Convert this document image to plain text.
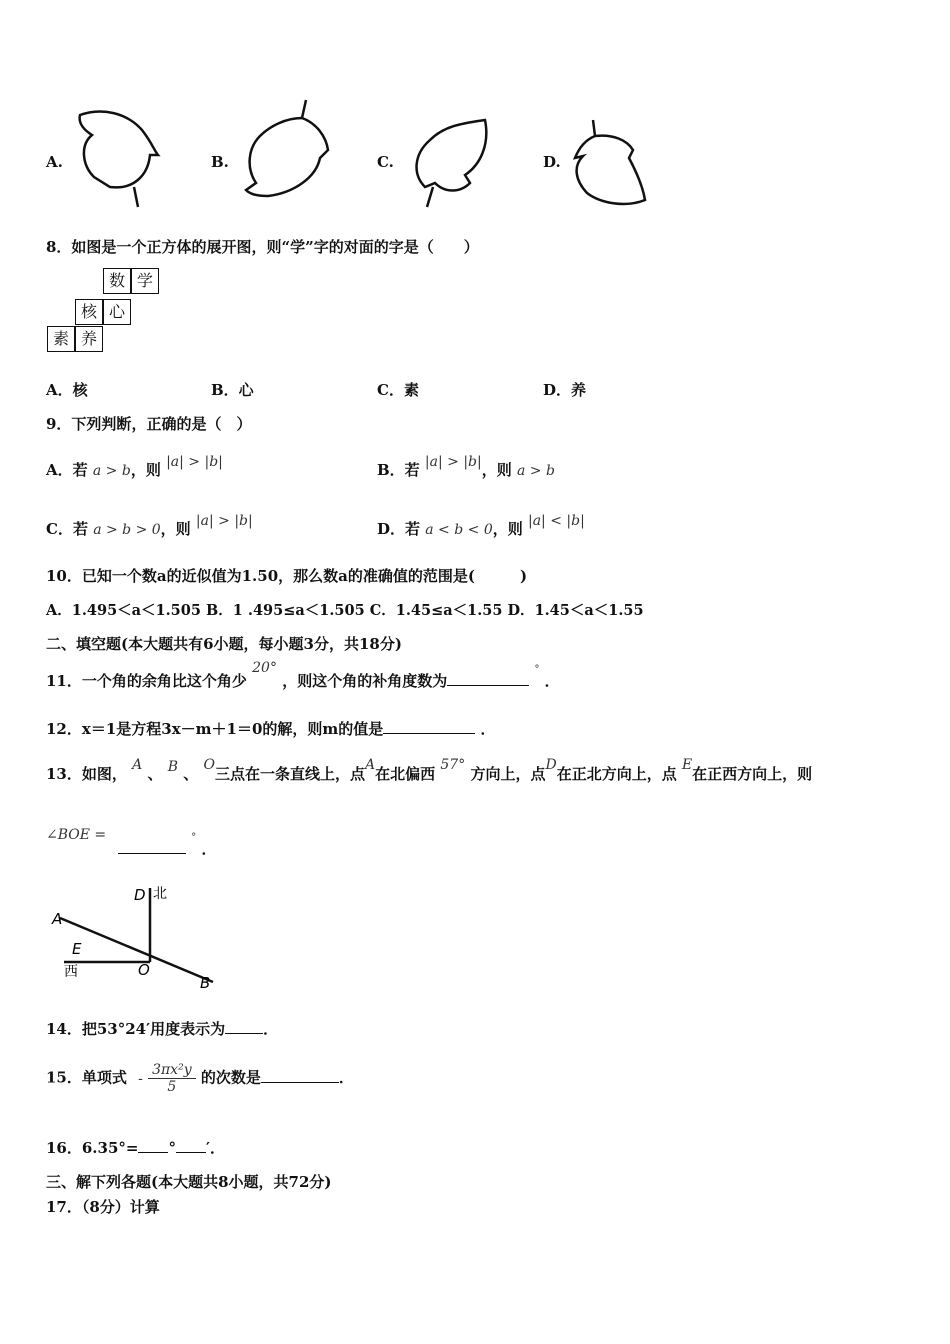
A.	B.	C.	D.
8．如图是一个正方体的展开图，则“学”字的对面的字是（　　）
数 学
核 心
素 养
A．核	B．心	C．素	D．养
9．下列判断，正确的是（　）
A．若 a > b，则 |a| > |b|	B．若 |a| > |b|，则 a > b
C．若 a > b > 0，则 |a| > |b|	D．若 a < b < 0，则 |a| < |b|
10．已知一个数a的近似值为1.50，那么数a的准确值的范围是(　　　)
A．1.495＜a＜1.505 B．1 .495≤a＜1.505 C．1.45≤a＜1.55 D．1.45＜a＜1.55
二、填空题(本大题共有6小题，每小题3分，共18分)
11．一个角的余角比这个角少 20° ，则这个角的补角度数为 ° ．
12．x＝1是方程3x－m＋1＝0的解，则m的值是	．
13．如图， A 、 B 、 O三点在一条直线上，点A在北偏西 57° 方向上，点D在正北方向上，点 E在正西方向上，则
∠BOE =	° ．
D 北
A
E
西	O
B
14．把53°24′用度表示为	．
15．单项式 - $\frac{\text{3πx²y}}{5}$ 的次数是	．
16．6.35°= ° ′．
三、解下列各题(本大题共8小题，共72分)
17．（8分）计算
